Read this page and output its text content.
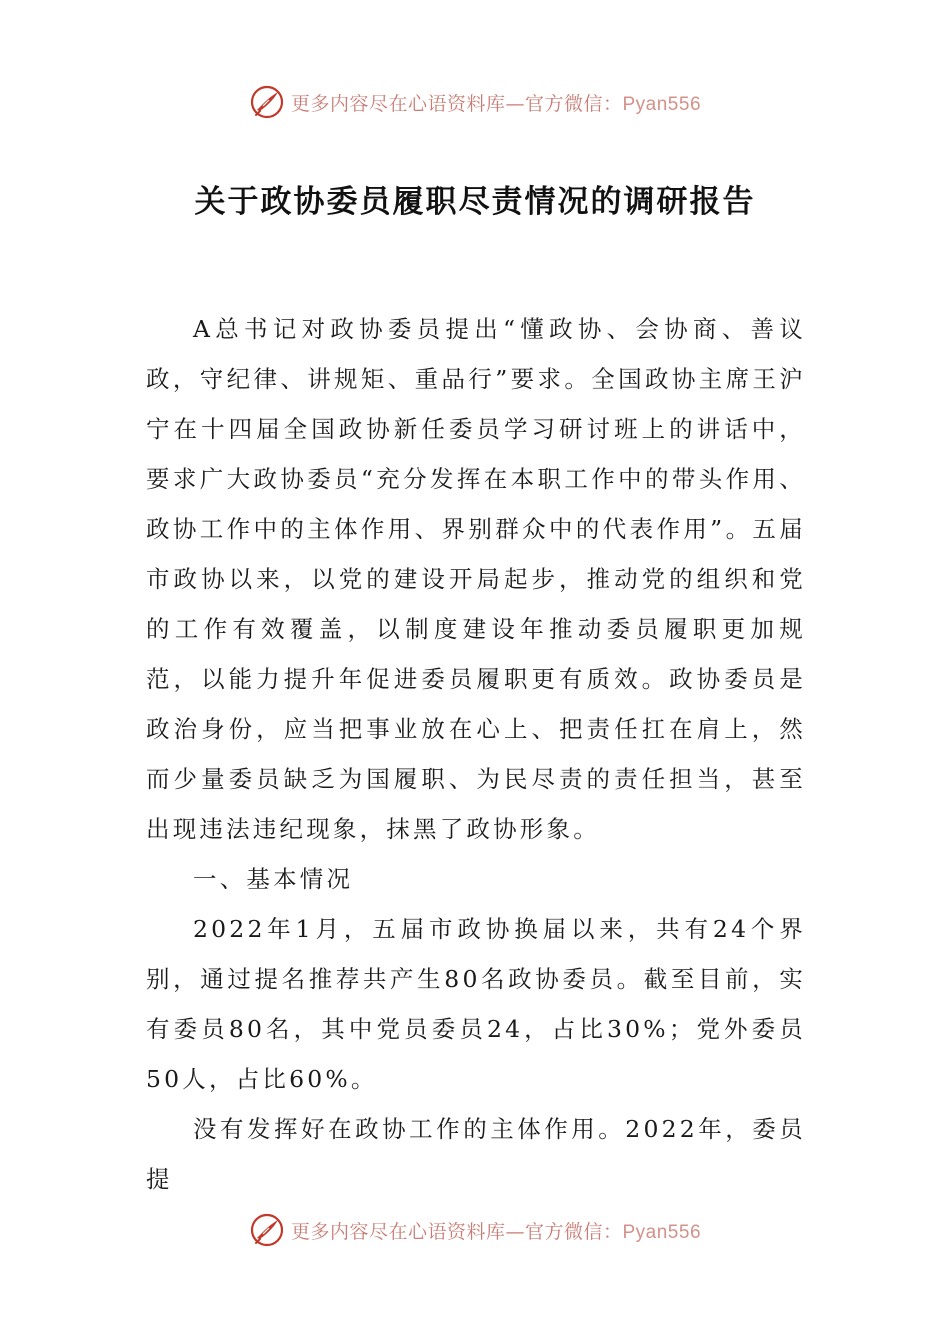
更多内容尽在心语资料库—官方微信：Pyan556
关于政协委员履职尽责情况的调研报告

A总书记对政协委员提出“懂政协、会协商、善议政，守纪律、讲规矩、重品行”要求。全国政协主席王沪宁在十四届全国政协新任委员学习研讨班上的讲话中，要求广大政协委员“充分发挥在本职工作中的带头作用、政协工作中的主体作用、界别群众中的代表作用”。五届市政协以来，以党的建设开局起步，推动党的组织和党的工作有效覆盖，以制度建设年推动委员履职更加规范，以能力提升年促进委员履职更有质效。政协委员是政治身份，应当把事业放在心上、把责任扛在肩上，然而少量委员缺乏为国履职、为民尽责的责任担当，甚至出现违法违纪现象，抹黑了政协形象。

一、基本情况

2022年1月，五届市政协换届以来，共有24个界别，通过提名推荐共产生80名政协委员。截至目前，实有委员80名，其中党员委员24，占比30%；党外委员50人，占比60%。

没有发挥好在政协工作的主体作用。2022年，委员提

更多内容尽在心语资料库—官方微信：Pyan556
